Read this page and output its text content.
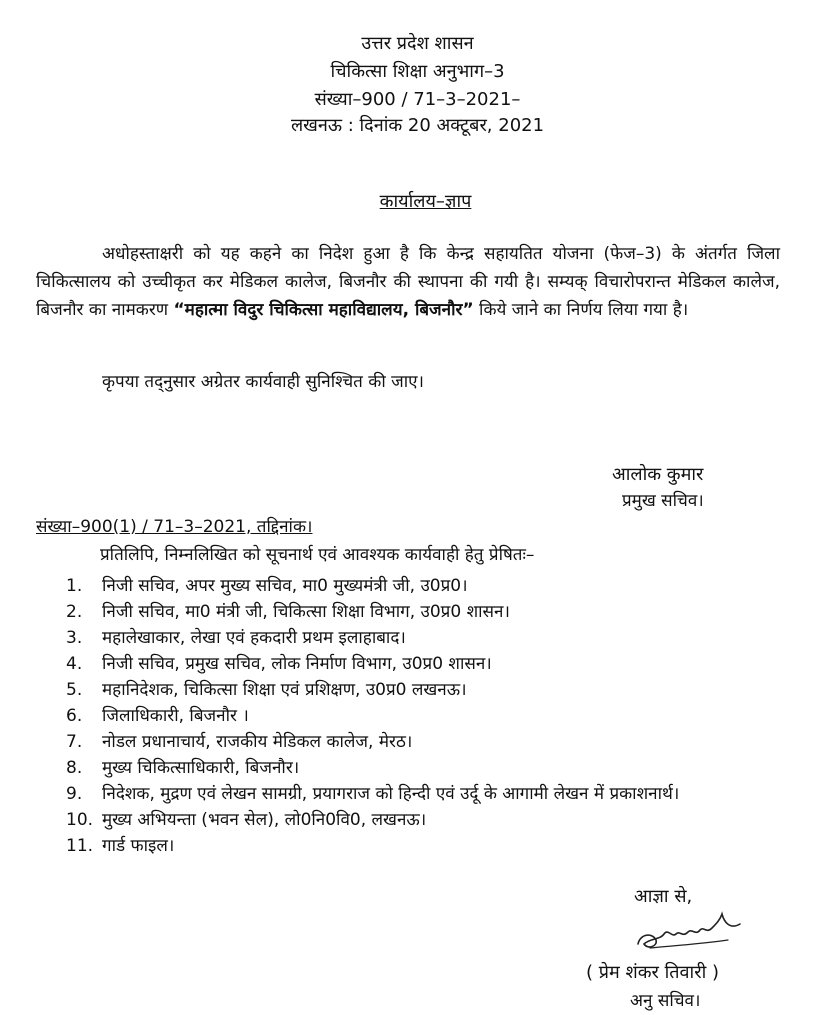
उत्तर प्रदेश शासन
चिकित्सा शिक्षा अनुभाग–3
संख्या–900 / 71–3–2021–
लखनऊ : दिनांक 20 अक्टूबर, 2021
कार्यालय–ज्ञाप
अधोहस्ताक्षरी को यह कहने का निदेश हुआ है कि केन्द्र सहायतित योजना (फेज–3) के अंतर्गत जिला चिकित्सालय को उच्चीकृत कर मेडिकल कालेज, बिजनौर की स्थापना की गयी है। सम्यक् विचारोपरान्त मेडिकल कालेज, बिजनौर का नामकरण “महात्मा विदुर चिकित्सा महाविद्यालय, बिजनौर” किये जाने का निर्णय लिया गया है।
कृपया तद्नुसार अग्रेतर कार्यवाही सुनिश्चित की जाए।
आलोक कुमार
प्रमुख सचिव।
संख्या–900(1) / 71–3–2021, तद्दिनांक।
प्रतिलिपि, निम्नलिखित को सूचनार्थ एवं आवश्यक कार्यवाही हेतु प्रेषितः–
1. निजी सचिव, अपर मुख्य सचिव, मा0 मुख्यमंत्री जी, उ0प्र0।
2. निजी सचिव, मा0 मंत्री जी, चिकित्सा शिक्षा विभाग, उ0प्र0 शासन।
3. महालेखाकार, लेखा एवं हकदारी प्रथम इलाहाबाद।
4. निजी सचिव, प्रमुख सचिव, लोक निर्माण विभाग, उ0प्र0 शासन।
5. महानिदेशक, चिकित्सा शिक्षा एवं प्रशिक्षण, उ0प्र0 लखनऊ।
6. जिलाधिकारी, बिजनौर ।
7. नोडल प्रधानाचार्य, राजकीय मेडिकल कालेज, मेरठ।
8. मुख्य चिकित्साधिकारी, बिजनौर।
9. निदेशक, मुद्रण एवं लेखन सामग्री, प्रयागराज को हिन्दी एवं उर्दू के आगामी लेखन में प्रकाशनार्थ।
10. मुख्य अभियन्ता (भवन सेल), लो0नि0वि0, लखनऊ।
11. गार्ड फाइल।
आज्ञा से,
( प्रेम शंकर तिवारी )
अनु सचिव।
